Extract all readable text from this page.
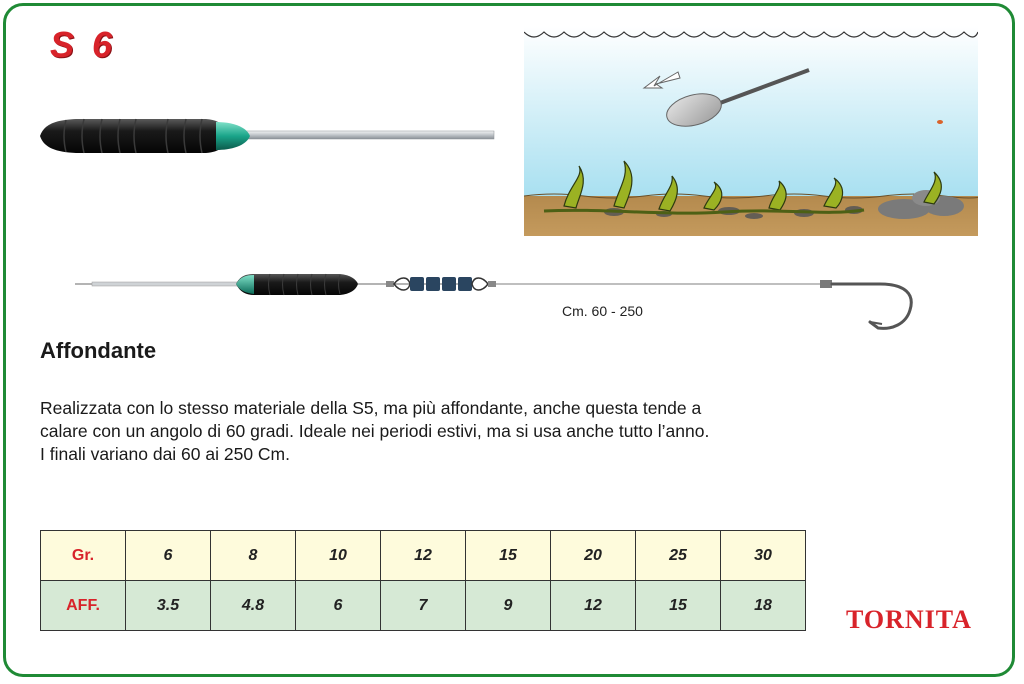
S 6
Cm. 60 - 250
Affondante
Realizzata con lo stesso materiale della S5, ma più affondante, anche questa tende a
calare con un angolo di 60 gradi. Ideale nei periodi estivi, ma si usa anche tutto l’anno.
I finali variano dai 60 ai 250 Cm.
Gr.	6	8	10	12	15	20	25	30
AFF.	3.5	4.8	6	7	9	12	15	18	TORNITA
